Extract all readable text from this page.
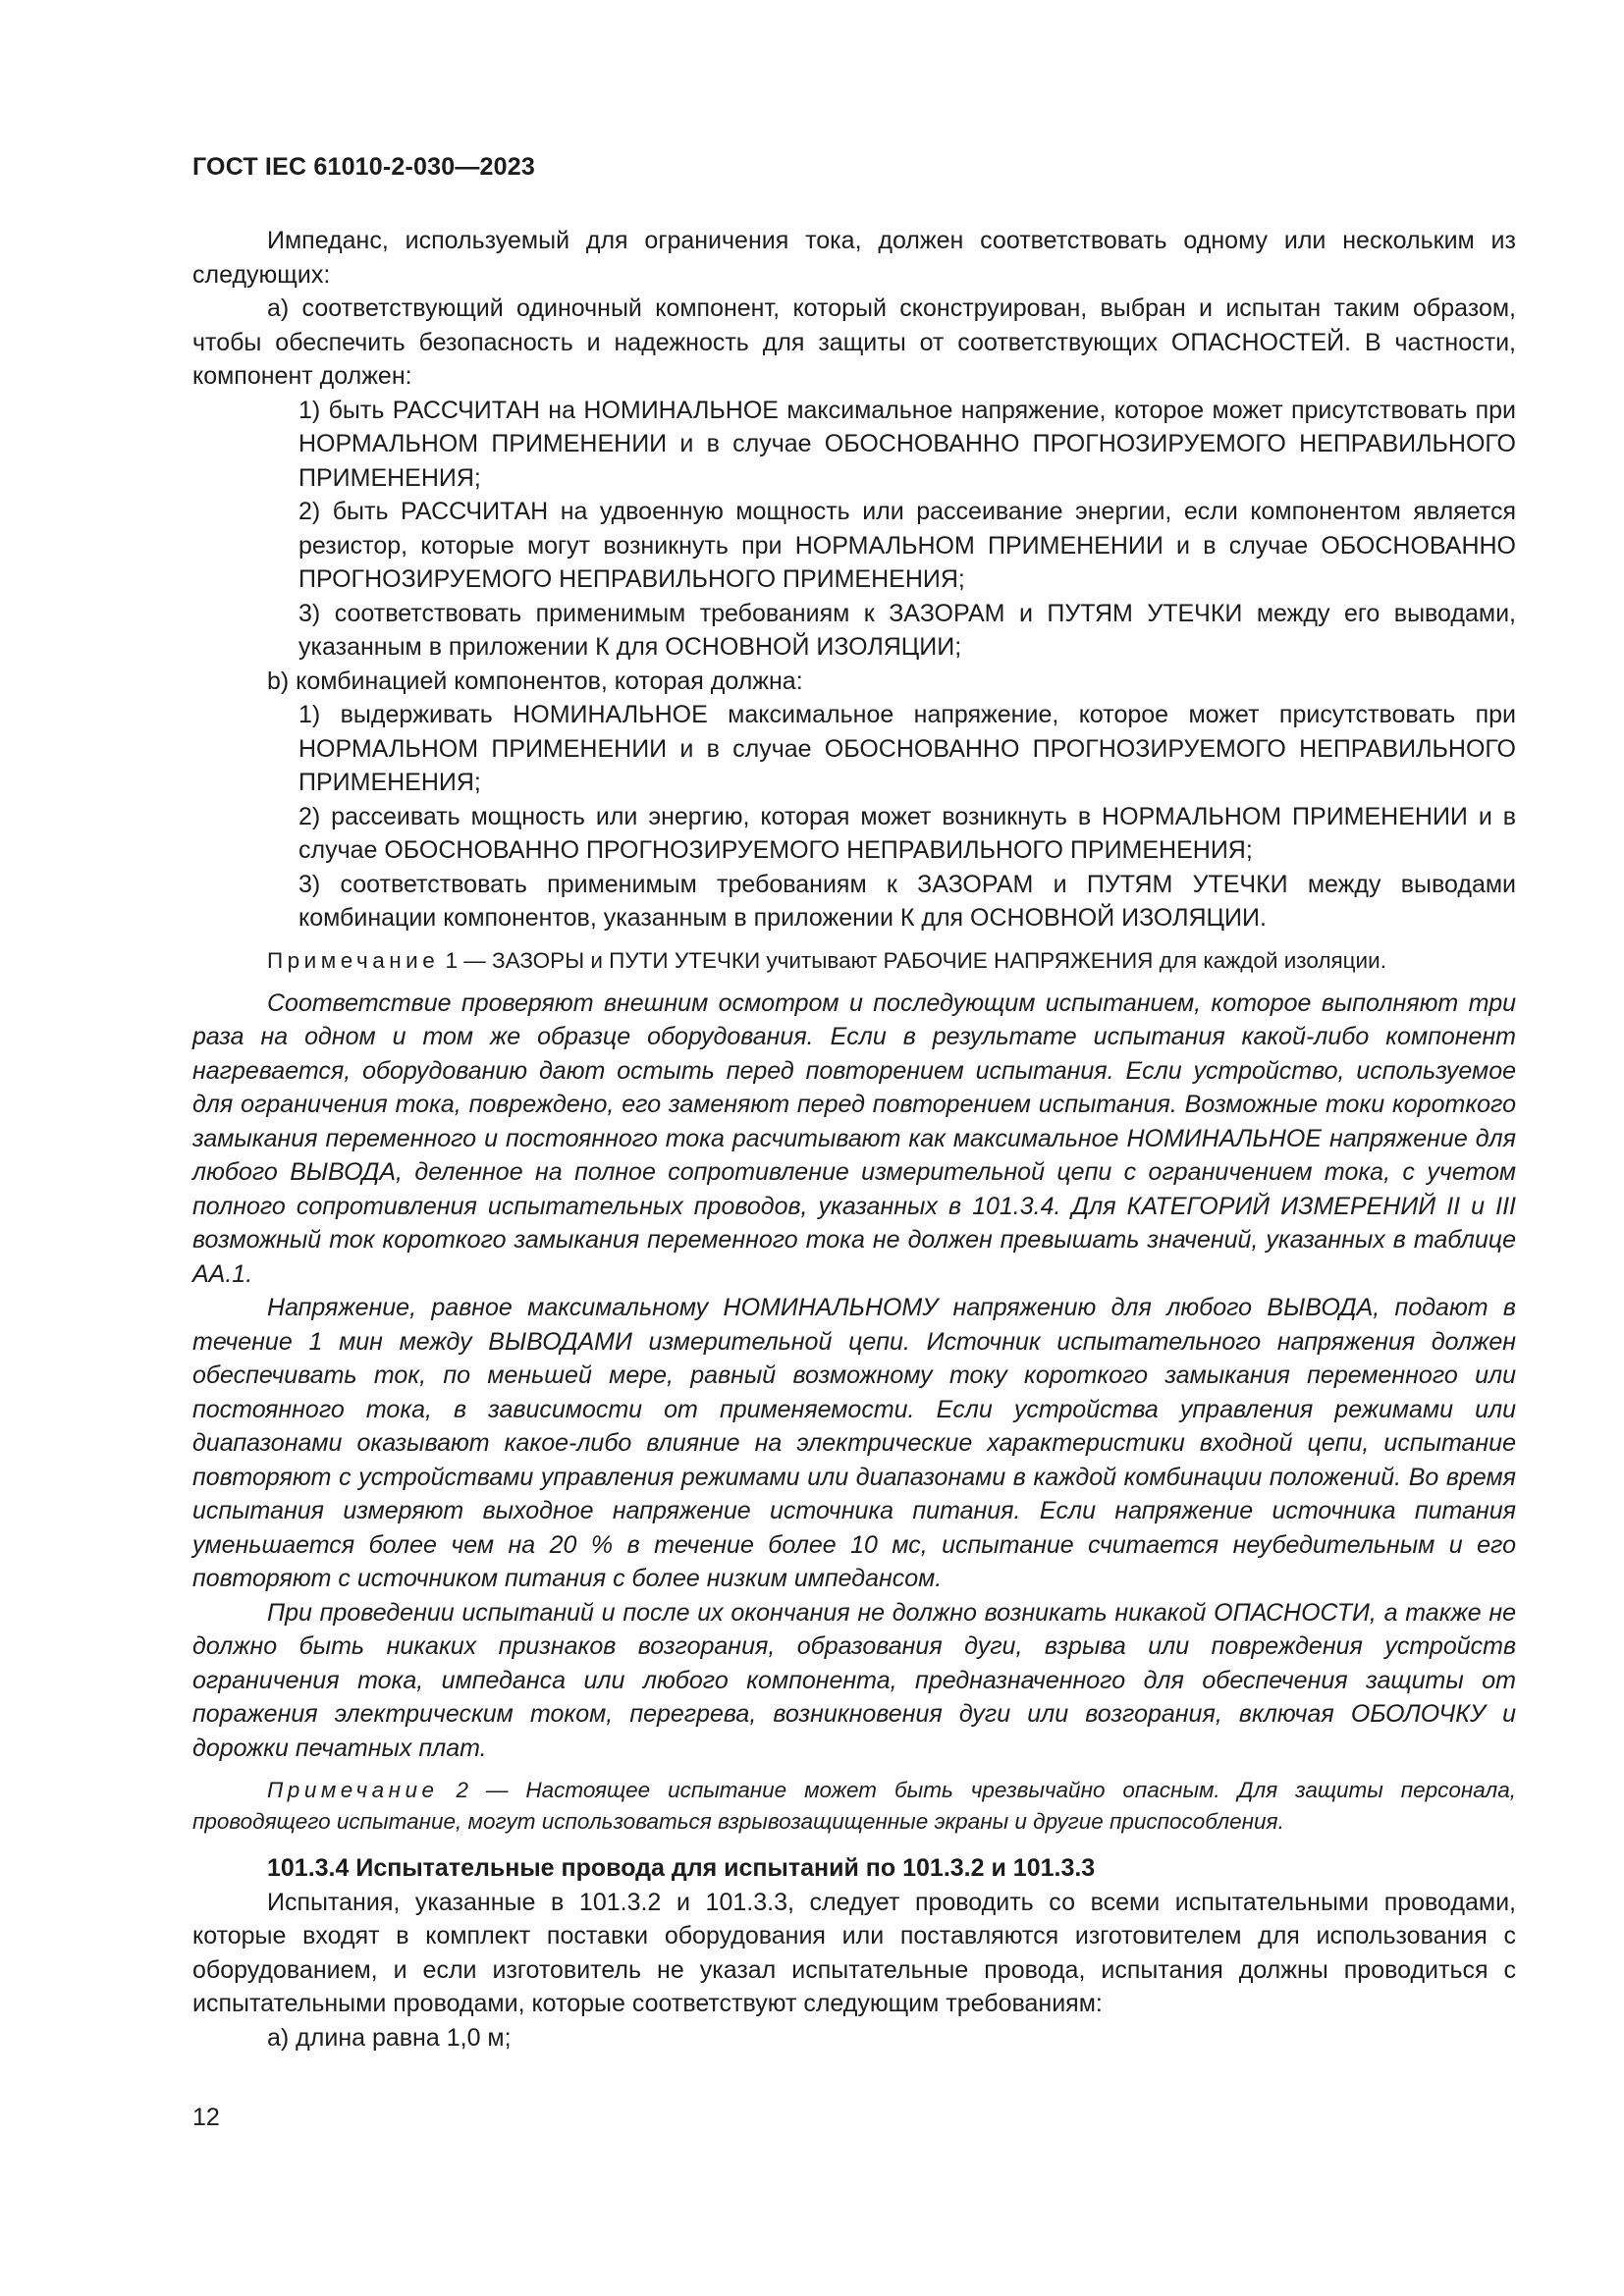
ГОСТ IEC 61010-2-030—2023

Импеданс, используемый для ограничения тока, должен соответствовать одному или нескольким из следующих:

а) соответствующий одиночный компонент, который сконструирован, выбран и испытан таким образом, чтобы обеспечить безопасность и надежность для защиты от соответствующих ОПАСНОСТЕЙ. В частности, компонент должен:

1) быть РАССЧИТАН на НОМИНАЛЬНОЕ максимальное напряжение, которое может присутствовать при НОРМАЛЬНОМ ПРИМЕНЕНИИ и в случае ОБОСНОВАННО ПРОГНОЗИРУЕМОГО НЕПРАВИЛЬНОГО ПРИМЕНЕНИЯ;

2) быть РАССЧИТАН на удвоенную мощность или рассеивание энергии, если компонентом является резистор, которые могут возникнуть при НОРМАЛЬНОМ ПРИМЕНЕНИИ и в случае ОБОСНОВАННО ПРОГНОЗИРУЕМОГО НЕПРАВИЛЬНОГО ПРИМЕНЕНИЯ;

3) соответствовать применимым требованиям к ЗАЗОРАМ и ПУТЯМ УТЕЧКИ между его выводами, указанным в приложении К для ОСНОВНОЙ ИЗОЛЯЦИИ;

b) комбинацией компонентов, которая должна:

1) выдерживать НОМИНАЛЬНОЕ максимальное напряжение, которое может присутствовать при НОРМАЛЬНОМ ПРИМЕНЕНИИ и в случае ОБОСНОВАННО ПРОГНОЗИРУЕМОГО НЕПРАВИЛЬНОГО ПРИМЕНЕНИЯ;

2) рассеивать мощность или энергию, которая может возникнуть в НОРМАЛЬНОМ ПРИМЕНЕНИИ и в случае ОБОСНОВАННО ПРОГНОЗИРУЕМОГО НЕПРАВИЛЬНОГО ПРИМЕНЕНИЯ;

3) соответствовать применимым требованиям к ЗАЗОРАМ и ПУТЯМ УТЕЧКИ между выводами комбинации компонентов, указанным в приложении К для ОСНОВНОЙ ИЗОЛЯЦИИ.

Примечание 1 — ЗАЗОРЫ и ПУТИ УТЕЧКИ учитывают РАБОЧИЕ НАПРЯЖЕНИЯ для каждой изоляции.

Соответствие проверяют внешним осмотром и последующим испытанием, которое выполняют три раза на одном и том же образце оборудования. Если в результате испытания какой-либо компонент нагревается, оборудованию дают остыть перед повторением испытания. Если устройство, используемое для ограничения тока, повреждено, его заменяют перед повторением испытания. Возможные токи короткого замыкания переменного и постоянного тока расчитывают как максимальное НОМИНАЛЬНОЕ напряжение для любого ВЫВОДА, деленное на полное сопротивление измерительной цепи с ограничением тока, с учетом полного сопротивления испытательных проводов, указанных в 101.3.4. Для КАТЕГОРИЙ ИЗМЕРЕНИЙ II и III возможный ток короткого замыкания переменного тока не должен превышать значений, указанных в таблице АА.1.

Напряжение, равное максимальному НОМИНАЛЬНОМУ напряжению для любого ВЫВОДА, подают в течение 1 мин между ВЫВОДАМИ измерительной цепи. Источник испытательного напряжения должен обеспечивать ток, по меньшей мере, равный возможному току короткого замыкания переменного или постоянного тока, в зависимости от применяемости. Если устройства управления режимами или диапазонами оказывают какое-либо влияние на электрические характеристики входной цепи, испытание повторяют с устройствами управления режимами или диапазонами в каждой комбинации положений. Во время испытания измеряют выходное напряжение источника питания. Если напряжение источника питания уменьшается более чем на 20 % в течение более 10 мс, испытание считается неубедительным и его повторяют с источником питания с более низким импедансом.

При проведении испытаний и после их окончания не должно возникать никакой ОПАСНОСТИ, а также не должно быть никаких признаков возгорания, образования дуги, взрыва или повреждения устройств ограничения тока, импеданса или любого компонента, предназначенного для обеспечения защиты от поражения электрическим током, перегрева, возникновения дуги или возгорания, включая ОБОЛОЧКУ и дорожки печатных плат.

Примечание 2 — Настоящее испытание может быть чрезвычайно опасным. Для защиты персонала, проводящего испытание, могут использоваться взрывозащищенные экраны и другие приспособления.

101.3.4 Испытательные провода для испытаний по 101.3.2 и 101.3.3

Испытания, указанные в 101.3.2 и 101.3.3, следует проводить со всеми испытательными проводами, которые входят в комплект поставки оборудования или поставляются изготовителем для использования с оборудованием, и если изготовитель не указал испытательные провода, испытания должны проводиться с испытательными проводами, которые соответствуют следующим требованиям:

а) длина равна 1,0 м;

12
